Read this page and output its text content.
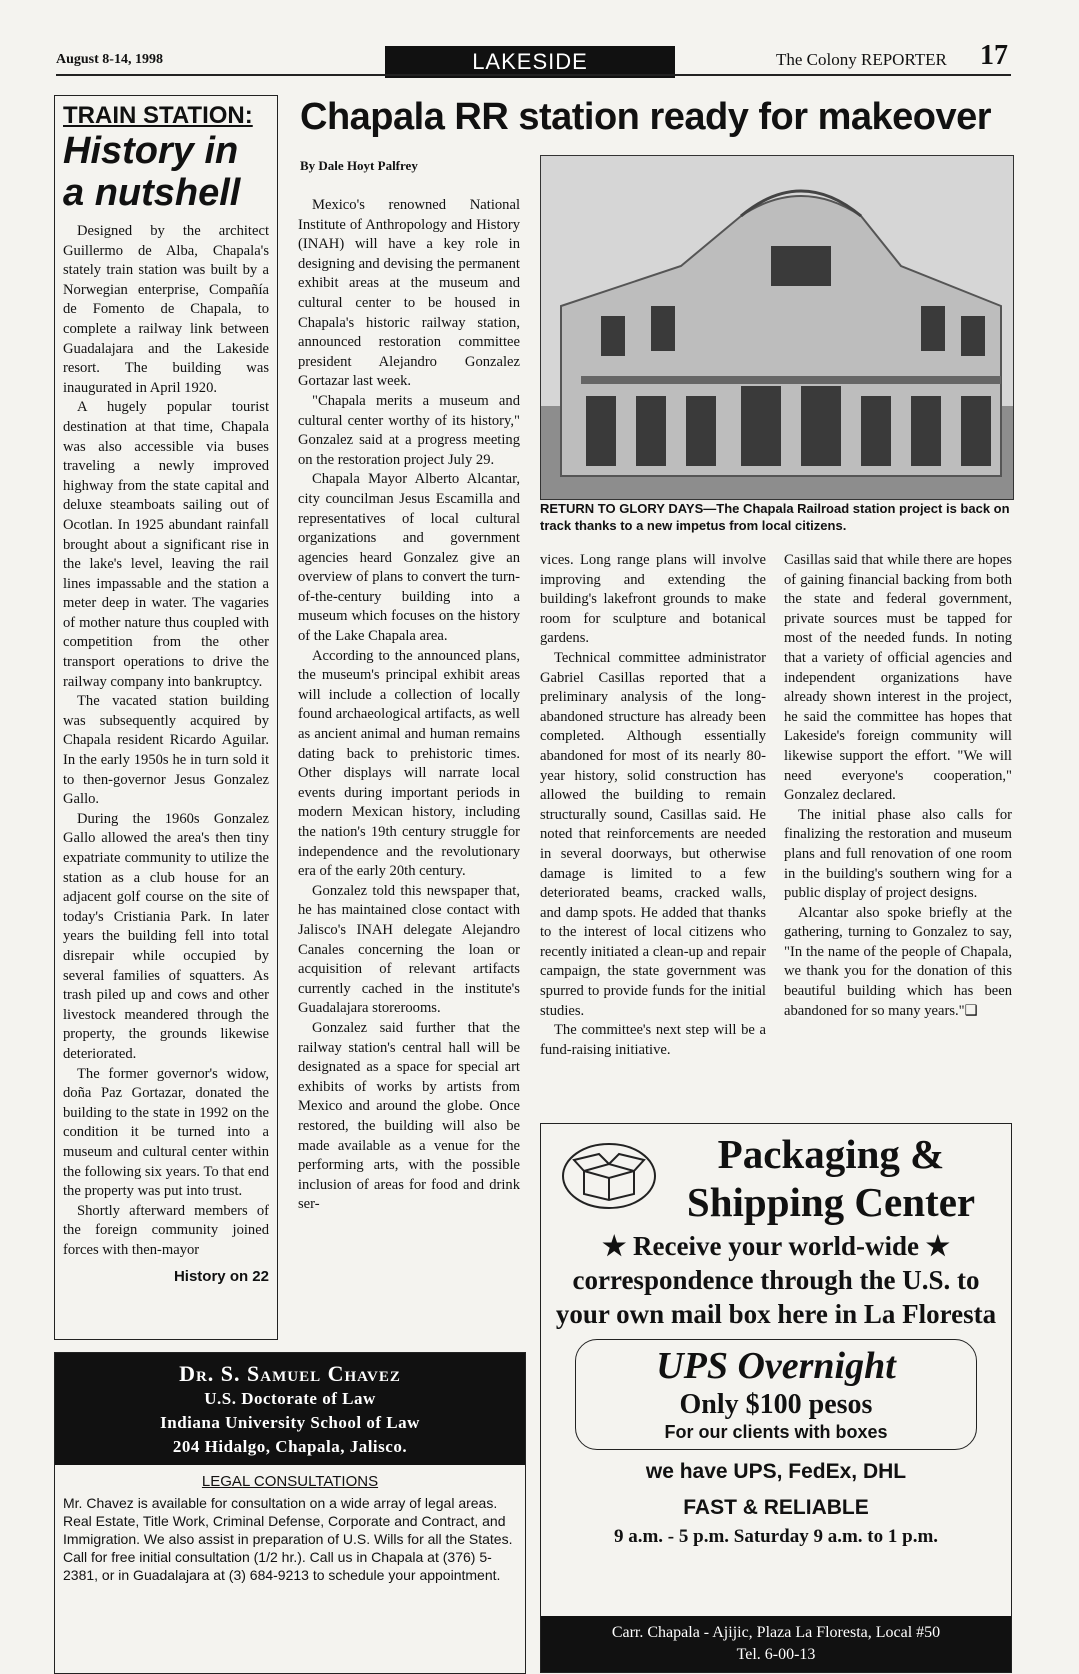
August 8-14, 1998	LAKESIDE	The Colony REPORTER 17
TRAIN STATION:
History in a nutshell

Designed by the architect Guillermo de Alba, Chapala's stately train station was built by a Norwegian enterprise, Compañía de Fomento de Chapala, to complete a railway link between Guadalajara and the Lakeside resort. The building was inaugurated in April 1920.

A hugely popular tourist destination at that time, Chapala was also accessible via buses traveling a newly improved highway from the state capital and deluxe steamboats sailing out of Ocotlan. In 1925 abundant rainfall brought about a significant rise in the lake's level, leaving the rail lines impassable and the station a meter deep in water. The vagaries of mother nature thus coupled with competition from the other transport operations to drive the railway company into bankruptcy.

The vacated station building was subsequently acquired by Chapala resident Ricardo Aguilar. In the early 1950s he in turn sold it to then-governor Jesus Gonzalez Gallo.

During the 1960s Gonzalez Gallo allowed the area's then tiny expatriate community to utilize the station as a club house for an adjacent golf course on the site of today's Cristiania Park. In later years the building fell into total disrepair while occupied by several families of squatters. As trash piled up and cows and other livestock meandered through the property, the grounds likewise deteriorated.

The former governor's widow, doña Paz Gortazar, donated the building to the state in 1992 on the condition it be turned into a museum and cultural center within the following six years. To that end the property was put into trust.

Shortly afterward members of the foreign community joined forces with then-mayor

History on 22
Chapala RR station ready for makeover
By Dale Hoyt Palfrey

Mexico's renowned National Institute of Anthropology and History (INAH) will have a key role in designing and devising the permanent exhibit areas at the museum and cultural center to be housed in Chapala's historic railway station, announced restoration committee president Alejandro Gonzalez Gortazar last week.

"Chapala merits a museum and cultural center worthy of its history," Gonzalez said at a progress meeting on the restoration project July 29.

Chapala Mayor Alberto Alcantar, city councilman Jesus Escamilla and representatives of local cultural organizations and government agencies heard Gonzalez give an overview of plans to convert the turn-of-the-century building into a museum which focuses on the history of the Lake Chapala area.

According to the announced plans, the museum's principal exhibit areas will include a collection of locally found archaeological artifacts, as well as ancient animal and human remains dating back to prehistoric times. Other displays will narrate local events during important periods in modern Mexican history, including the nation's 19th century struggle for independence and the revolutionary era of the early 20th century.

Gonzalez told this newspaper that, he has maintained close contact with Jalisco's INAH delegate Alejandro Canales concerning the loan or acquisition of relevant artifacts currently cached in the institute's Guadalajara storerooms.

Gonzalez said further that the railway station's central hall will be designated as a space for special art exhibits of works by artists from Mexico and around the globe. Once restored, the building will also be made available as a venue for the performing arts, with the possible inclusion of areas for food and drink ser-

RETURN TO GLORY DAYS—The Chapala Railroad station project is back on track thanks to a new impetus from local citizens.

vices. Long range plans will involve improving and extending the building's lakefront grounds to make room for sculpture and botanical gardens.

Technical committee administrator Gabriel Casillas reported that a preliminary analysis of the long-abandoned structure has already been completed. Although essentially abandoned for most of its nearly 80-year history, solid construction has allowed the building to remain structurally sound, Casillas said. He noted that reinforcements are needed in several doorways, but otherwise damage is limited to a few deteriorated beams, cracked walls, and damp spots. He added that thanks to the interest of local citizens who recently initiated a clean-up and repair campaign, the state government was spurred to provide funds for the initial studies.

The committee's next step will be a fund-raising initiative.

Casillas said that while there are hopes of gaining financial backing from both the state and federal government, private sources must be tapped for most of the needed funds. In noting that a variety of official agencies and independent organizations have already shown interest in the project, he said the committee has hopes that Lakeside's foreign community will likewise support the effort. "We will need everyone's cooperation," Gonzalez declared.

The initial phase also calls for finalizing the restoration and museum plans and full renovation of one room in the building's southern wing for a public display of project designs.

Alcantar also spoke briefly at the gathering, turning to Gonzalez to say, "In the name of the people of Chapala, we thank you for the donation of this beautiful building which has been abandoned for so many years."❑

Dr. S. Samuel Chavez
U.S. Doctorate of Law
Indiana University School of Law
204 Hidalgo, Chapala, Jalisco.
LEGAL CONSULTATIONS
Mr. Chavez is available for consultation on a wide array of legal areas. Real Estate, Title Work, Criminal Defense, Corporate and Contract, and Immigration. We also assist in preparation of U.S. Wills for all the States. Call for free initial consultation (1/2 hr.). Call us in Chapala at (376) 5-2381, or in Guadalajara at (3) 684-9213 to schedule your appointment.
Packaging & Shipping Center
★ Receive your world-wide ★
correspondence through the U.S. to
your own mail box here in La Floresta
UPS Overnight
Only $100 pesos
For our clients with boxes
we have UPS, FedEx, DHL
FAST & RELIABLE
9 a.m. - 5 p.m. Saturday 9 a.m. to 1 p.m.
Carr. Chapala - Ajijic, Plaza La Floresta, Local #50
Tel. 6-00-13
